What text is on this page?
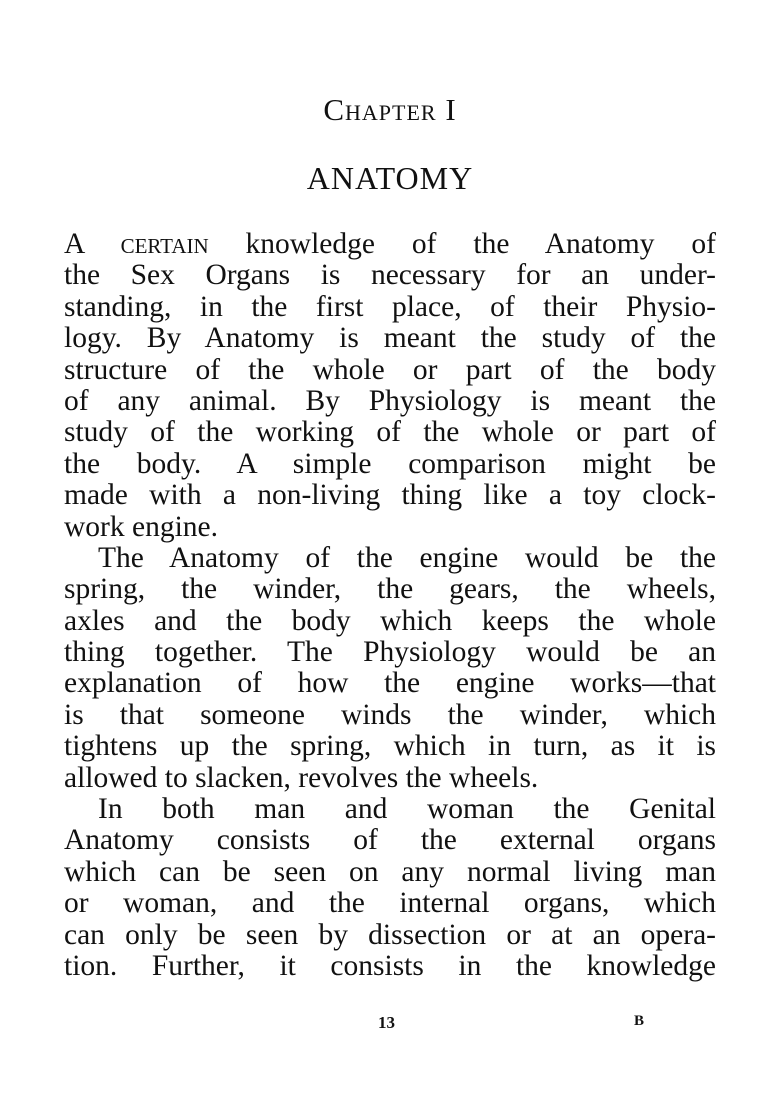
Chapter I
ANATOMY
A certain knowledge of the Anatomy of
the Sex Organs is necessary for an under-
standing, in the first place, of their Physio-
logy. By Anatomy is meant the study of the
structure of the whole or part of the body
of any animal. By Physiology is meant the
study of the working of the whole or part of
the body. A simple comparison might be
made with a non-living thing like a toy clock-
work engine.
The Anatomy of the engine would be the
spring, the winder, the gears, the wheels,
axles and the body which keeps the whole
thing together. The Physiology would be an
explanation of how the engine works—that
is that someone winds the winder, which
tightens up the spring, which in turn, as it is
allowed to slacken, revolves the wheels.
In both man and woman the Genital
Anatomy consists of the external organs
which can be seen on any normal living man
or woman, and the internal organs, which
can only be seen by dissection or at an opera-
tion. Further, it consists in the knowledge

13	B
